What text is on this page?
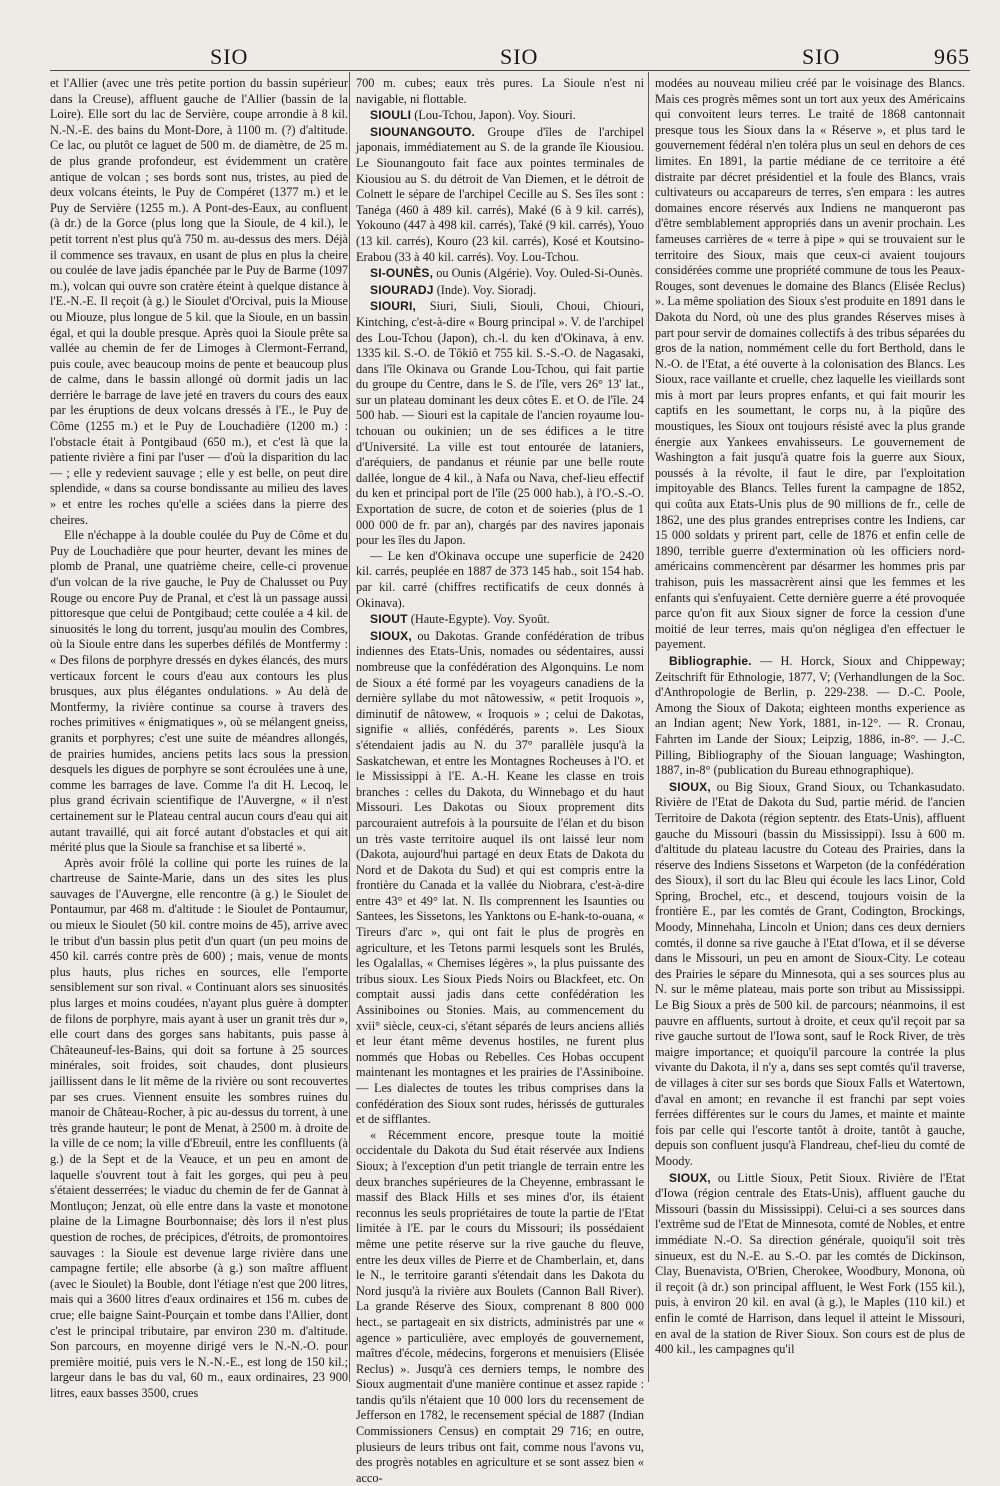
SIO	SIO	SIO	965

et l'Allier (avec une très petite portion du bassin supérieur dans la Creuse), affluent gauche de l'Allier (bassin de la Loire). Elle sort du lac de Servière, coupe arrondie à 8 kil. N.-N.-E. des bains du Mont-Dore, à 1100 m. (?) d'altitude. Ce lac, ou plutôt ce laguet de 500 m. de diamètre, de 25 m. de plus grande profondeur, est évidemment un cratère antique de volcan ; ses bords sont nus, tristes, au pied de deux volcans éteints, le Puy de Compéret (1377 m.) et le Puy de Servière (1255 m.). A Pont-des-Eaux, au confluent (à dr.) de la Gorce (plus long que la Sioule, de 4 kil.), le petit torrent n'est plus qu'à 750 m. au-dessus des mers. Déjà il commence ses travaux, en usant de plus en plus la cheire ou coulée de lave jadis épanchée par le Puy de Barme (1097 m.), volcan qui ouvre son cratère éteint à quelque distance à l'E.-N.-E. Il reçoit (à g.) le Sioulet d'Orcival, puis la Miouse ou Miouze, plus longue de 5 kil. que la Sioule, en un bassin égal, et qui la double presque. Après quoi la Sioule prête sa vallée au chemin de fer de Limoges à Clermont-Ferrand, puis coule, avec beaucoup moins de pente et beaucoup plus de calme, dans le bassin allongé où dormit jadis un lac derrière le barrage de lave jeté en travers du cours des eaux par les éruptions de deux volcans dressés à l'E., le Puy de Côme (1255 m.) et le Puy de Louchadière (1200 m.) : l'obstacle était à Pontgibaud (650 m.), et c'est là que la patiente rivière a fini par l'user — d'où la disparition du lac — ; elle y redevient sauvage ; elle y est belle, on peut dire splendide, « dans sa course bondissante au milieu des laves » et entre les roches qu'elle a sciées dans la pierre des cheires.

Elle n'échappe à la double coulée du Puy de Côme et du Puy de Louchadière que pour heurter, devant les mines de plomb de Pranal, une quatrième cheire, celle-ci provenue d'un volcan de la rive gauche, le Puy de Chalusset ou Puy Rouge ou encore Puy de Pranal, et c'est là un passage aussi pittoresque que celui de Pontgibaud; cette coulée a 4 kil. de sinuosités le long du torrent, jusqu'au moulin des Combres, où la Sioule entre dans les superbes défilés de Montfermy : « Des filons de porphyre dressés en dykes élancés, des murs verticaux forcent le cours d'eau aux contours les plus brusques, aux plus élégantes ondulations. » Au delà de Montfermy, la rivière continue sa course à travers des roches primitives « énigmatiques », où se mélangent gneiss, granits et porphyres; c'est une suite de méandres allongés, de prairies humides, anciens petits lacs sous la pression desquels les digues de porphyre se sont écroulées une à une, comme les barrages de lave. Comme l'a dit H. Lecoq, le plus grand écrivain scientifique de l'Auvergne, « il n'est certainement sur le Plateau central aucun cours d'eau qui ait autant travaillé, qui ait forcé autant d'obstacles et qui ait mérité plus que la Sioule sa franchise et sa liberté ».

Après avoir frôlé la colline qui porte les ruines de la chartreuse de Sainte-Marie, dans un des sites les plus sauvages de l'Auvergne, elle rencontre (à g.) le Sioulet de Pontaumur, par 468 m. d'altitude : le Sioulet de Pontaumur, ou mieux le Sioulet (50 kil. contre moins de 45), arrive avec le tribut d'un bassin plus petit d'un quart (un peu moins de 450 kil. carrés contre près de 600) ; mais, venue de monts plus hauts, plus riches en sources, elle l'emporte sensiblement sur son rival. « Continuant alors ses sinuosités plus larges et moins coudées, n'ayant plus guère à dompter de filons de porphyre, mais ayant à user un granit très dur », elle court dans des gorges sans habitants, puis passe à Châteauneuf-les-Bains, qui doit sa fortune à 25 sources minérales, soit froides, soit chaudes, dont plusieurs jaillissent dans le lit même de la rivière ou sont recouvertes par ses crues. Viennent ensuite les sombres ruines du manoir de Château-Rocher, à pic au-dessus du torrent, à une très grande hauteur; le pont de Menat, à 2500 m. à droite de la ville de ce nom; la ville d'Ebreuil, entre les conflluents (à g.) de la Sept et de la Veauce, et un peu en amont de laquelle s'ouvrent tout à fait les gorges, qui peu à peu s'étaient desserrées; le viaduc du chemin de fer de Gannat à Montluçon; Jenzat, où elle entre dans la vaste et monotone plaine de la Limagne Bourbonnaise; dès lors il n'est plus question de roches, de précipices, d'étroits, de promontoires sauvages : la Sioule est devenue large rivière dans une campagne fertile; elle absorbe (à g.) son maître affluent (avec le Sioulet) la Bouble, dont l'étiage n'est que 200 litres, mais qui a 3600 litres d'eaux ordinaires et 156 m. cubes de crue; elle baigne Saint-Pourçain et tombe dans l'Allier, dont c'est le principal tributaire, par environ 230 m. d'altitude. Son parcours, en moyenne dirigé vers le N.-N.-O. pour première moitié, puis vers le N.-N.-E., est long de 150 kil.; largeur dans le bas du val, 60 m., eaux ordinaires, 23 900 litres, eaux basses 3500, crues

700 m. cubes; eaux très pures. La Sioule n'est ni navigable, ni flottable.

SIOULI (Lou-Tchou, Japon). Voy. Siouri.

SIOUNANGOUTO. Groupe d'îles de l'archipel japonais, immédiatement au S. de la grande île Kiousiou. Le Siounangouto fait face aux pointes terminales de Kiousiou au S. du détroit de Van Diemen, et le détroit de Colnett le sépare de l'archipel Cecille au S. Ses îles sont : Tanéga (460 à 489 kil. carrés), Maké (6 à 9 kil. carrés), Yokouno (447 à 498 kil. carrés), Také (9 kil. carrés), Youo (13 kil. carrés), Kouro (23 kil. carrés), Kosé et Koutsino-Erabou (33 à 40 kil. carrés). Voy. Lou-Tchou.

SI-OUNÈS, ou Ounis (Algérie). Voy. Ouled-Si-Ounès.

SIOURADJ (Inde). Voy. Sioradj.

SIOURI, Siuri, Siuli, Siouli, Choui, Chiouri, Kintching, c'est-à-dire « Bourg principal ». V. de l'archipel des Lou-Tchou (Japon), ch.-l. du ken d'Okinava, à env. 1335 kil. S.-O. de Tôkiô et 755 kil. S.-S.-O. de Nagasaki, dans l'île Okinava ou Grande Lou-Tchou, qui fait partie du groupe du Centre, dans le S. de l'île, vers 26° 13' lat., sur un plateau dominant les deux côtes E. et O. de l'île. 24 500 hab. — Siouri est la capitale de l'ancien royaume lou-tchouan ou oukinien; un de ses édifices a le titre d'Université. La ville est tout entourée de lataniers, d'aréquiers, de pandanus et réunie par une belle route dallée, longue de 4 kil., à Nafa ou Nava, chef-lieu effectif du ken et principal port de l'île (25 000 hab.), à l'O.-S.-O. Exportation de sucre, de coton et de soieries (plus de 1 000 000 de fr. par an), chargés par des navires japonais pour les îles du Japon.

— Le ken d'Okinava occupe une superficie de 2420 kil. carrés, peuplée en 1887 de 373 145 hab., soit 154 hab. par kil. carré (chiffres rectificatifs de ceux donnés à Okinava).

SIOUT (Haute-Egypte). Voy. Syoût.

SIOUX, ou Dakotas. Grande confédération de tribus indiennes des Etats-Unis, nomades ou sédentaires, aussi nombreuse que la confédération des Algonquins. Le nom de Sioux a été formé par les voyageurs canadiens de la dernière syllabe du mot nâtowessiw, « petit Iroquois », diminutif de nâtowew, « Iroquois » ; celui de Dakotas, signifie « alliés, confédérés, parents ». Les Sioux s'étendaient jadis au N. du 37° parallèle jusqu'à la Saskatchewan, et entre les Montagnes Rocheuses à l'O. et le Mississippi à l'E. A.-H. Keane les classe en trois branches : celles du Dakota, du Winnebago et du haut Missouri. Les Dakotas ou Sioux proprement dits parcouraient autrefois à la poursuite de l'élan et du bison un très vaste territoire auquel ils ont laissé leur nom (Dakota, aujourd'hui partagé en deux Etats de Dakota du Nord et de Dakota du Sud) et qui est compris entre la frontière du Canada et la vallée du Niobrara, c'est-à-dire entre 43° et 49° lat. N. Ils comprennent les Isaunties ou Santees, les Sissetons, les Yanktons ou E-hank-to-ouana, « Tireurs d'arc », qui ont fait le plus de progrès en agriculture, et les Tetons parmi lesquels sont les Brulés, les Ogalallas, « Chemises légères », la plus puissante des tribus sioux. Les Sioux Pieds Noirs ou Blackfeet, etc. On comptait aussi jadis dans cette confédération les Assiniboines ou Stonies. Mais, au commencement du xvii° siècle, ceux-ci, s'étant séparés de leurs anciens alliés et leur étant même devenus hostiles, ne furent plus nommés que Hobas ou Rebelles. Ces Hobas occupent maintenant les montagnes et les prairies de l'Assiniboine. — Les dialectes de toutes les tribus comprises dans la confédération des Sioux sont rudes, hérissés de gutturales et de sifflantes.

« Récemment encore, presque toute la moitié occidentale du Dakota du Sud était réservée aux Indiens Sioux; à l'exception d'un petit triangle de terrain entre les deux branches supérieures de la Cheyenne, embrassant le massif des Black Hills et ses mines d'or, ils étaient reconnus les seuls propriétaires de toute la partie de l'Etat limitée à l'E. par le cours du Missouri; ils possédaient même une petite réserve sur la rive gauche du fleuve, entre les deux villes de Pierre et de Chamberlain, et, dans le N., le territoire garanti s'étendait dans les Dakota du Nord jusqu'à la rivière aux Boulets (Cannon Ball River). La grande Réserve des Sioux, comprenant 8 800 000 hect., se partageait en six districts, administrés par une « agence » particulière, avec employés de gouvernement, maîtres d'école, médecins, forgerons et menuisiers (Elisée Reclus) ». Jusqu'à ces derniers temps, le nombre des Sioux augmentait d'une manière continue et assez rapide : tandis qu'ils n'étaient que 10 000 lors du recensement de Jefferson en 1782, le recensement spécial de 1887 (Indian Commissioners Census) en comptait 29 716; en outre, plusieurs de leurs tribus ont fait, comme nous l'avons vu, des progrès notables en agriculture et se sont assez bien « acco-

modées au nouveau milieu créé par le voisinage des Blancs. Mais ces progrès mêmes sont un tort aux yeux des Américains qui convoitent leurs terres. Le traité de 1868 cantonnait presque tous les Sioux dans la « Réserve », et plus tard le gouvernement fédéral n'en toléra plus un seul en dehors de ces limites. En 1891, la partie médiane de ce territoire a été distraite par décret présidentiel et la foule des Blancs, vrais cultivateurs ou accapareurs de terres, s'en empara : les autres domaines encore réservés aux Indiens ne manqueront pas d'être semblablement appropriés dans un avenir prochain. Les fameuses carrières de « terre à pipe » qui se trouvaient sur le territoire des Sioux, mais que ceux-ci avaient toujours considérées comme une propriété commune de tous les Peaux-Rouges, sont devenues le domaine des Blancs (Elisée Reclus) ». La même spoliation des Sioux s'est produite en 1891 dans le Dakota du Nord, où une des plus grandes Réserves mises à part pour servir de domaines collectifs à des tribus séparées du gros de la nation, nommément celle du fort Berthold, dans le N.-O. de l'Etat, a été ouverte à la colonisation des Blancs. Les Sioux, race vaillante et cruelle, chez laquelle les vieillards sont mis à mort par leurs propres enfants, et qui fait mourir les captifs en les soumettant, le corps nu, à la piqûre des moustiques, les Sioux ont toujours résisté avec la plus grande énergie aux Yankees envahisseurs. Le gouvernement de Washington a fait jusqu'à quatre fois la guerre aux Sioux, poussés à la révolte, il faut le dire, par l'exploitation impitoyable des Blancs. Telles furent la campagne de 1852, qui coûta aux Etats-Unis plus de 90 millions de fr., celle de 1862, une des plus grandes entreprises contre les Indiens, car 15 000 soldats y prirent part, celle de 1876 et enfin celle de 1890, terrible guerre d'extermination où les officiers nord-américains commencèrent par désarmer les hommes pris par trahison, puis les massacrèrent ainsi que les femmes et les enfants qui s'enfuyaient. Cette dernière guerre a été provoquée parce qu'on fit aux Sioux signer de force la cession d'une moitié de leur terres, mais qu'on négligea d'en effectuer le payement.

Bibliographie. — H. Horck, Sioux and Chippeway; Zeitschrift für Ethnologie, 1877, V; (Verhandlungen de la Soc. d'Anthropologie de Berlin, p. 229-238. — D.-C. Poole, Among the Sioux of Dakota; eighteen months experience as an Indian agent; New York, 1881, in-12°. — R. Cronau, Fahrten im Lande der Sioux; Leipzig, 1886, in-8°. — J.-C. Pilling, Bibliography of the Siouan language; Washington, 1887, in-8° (publication du Bureau ethnographique).

SIOUX, ou Big Sioux, Grand Sioux, ou Tchankasudato. Rivière de l'Etat de Dakota du Sud, partie mérid. de l'ancien Territoire de Dakota (région septentr. des Etats-Unis), affluent gauche du Missouri (bassin du Mississippi). Issu à 600 m. d'altitude du plateau lacustre du Coteau des Prairies, dans la réserve des Indiens Sissetons et Warpeton (de la confédération des Sioux), il sort du lac Bleu qui écoule les lacs Linor, Cold Spring, Brochel, etc., et descend, toujours voisin de la frontière E., par les comtés de Grant, Codington, Brockings, Moody, Minnehaha, Lincoln et Union; dans ces deux derniers comtés, il donne sa rive gauche à l'Etat d'Iowa, et il se déverse dans le Missouri, un peu en amont de Sioux-City. Le coteau des Prairies le sépare du Minnesota, qui a ses sources plus au N. sur le même plateau, mais porte son tribut au Mississippi. Le Big Sioux a près de 500 kil. de parcours; néanmoins, il est pauvre en affluents, surtout à droite, et ceux qu'il reçoit par sa rive gauche surtout de l'Iowa sont, sauf le Rock River, de très maigre importance; et quoiqu'il parcoure la contrée la plus vivante du Dakota, il n'y a, dans ses sept comtés qu'il traverse, de villages à citer sur ses bords que Sioux Falls et Watertown, d'aval en amont; en revanche il est franchi par sept voies ferrées différentes sur le cours du James, et mainte et mainte fois par celle qui l'escorte tantôt à droite, tantôt à gauche, depuis son confluent jusqu'à Flandreau, chef-lieu du comté de Moody.

SIOUX, ou Little Sioux, Petit Sioux. Rivière de l'Etat d'Iowa (région centrale des Etats-Unis), affluent gauche du Missouri (bassin du Mississippi). Celui-ci a ses sources dans l'extrême sud de l'Etat de Minnesota, comté de Nobles, et entre immédiate N.-O. Sa direction générale, quoiqu'il soit très sinueux, est du N.-E. au S.-O. par les comtés de Dickinson, Clay, Buenavista, O'Brien, Cherokee, Woodbury, Monona, où il reçoit (à dr.) son principal affluent, le West Fork (155 kil.), puis, à environ 20 kil. en aval (à g.), le Maples (110 kil.) et enfin le comté de Harrison, dans lequel il atteint le Missouri, en aval de la station de River Sioux. Son cours est de plus de 400 kil., les campagnes qu'il
